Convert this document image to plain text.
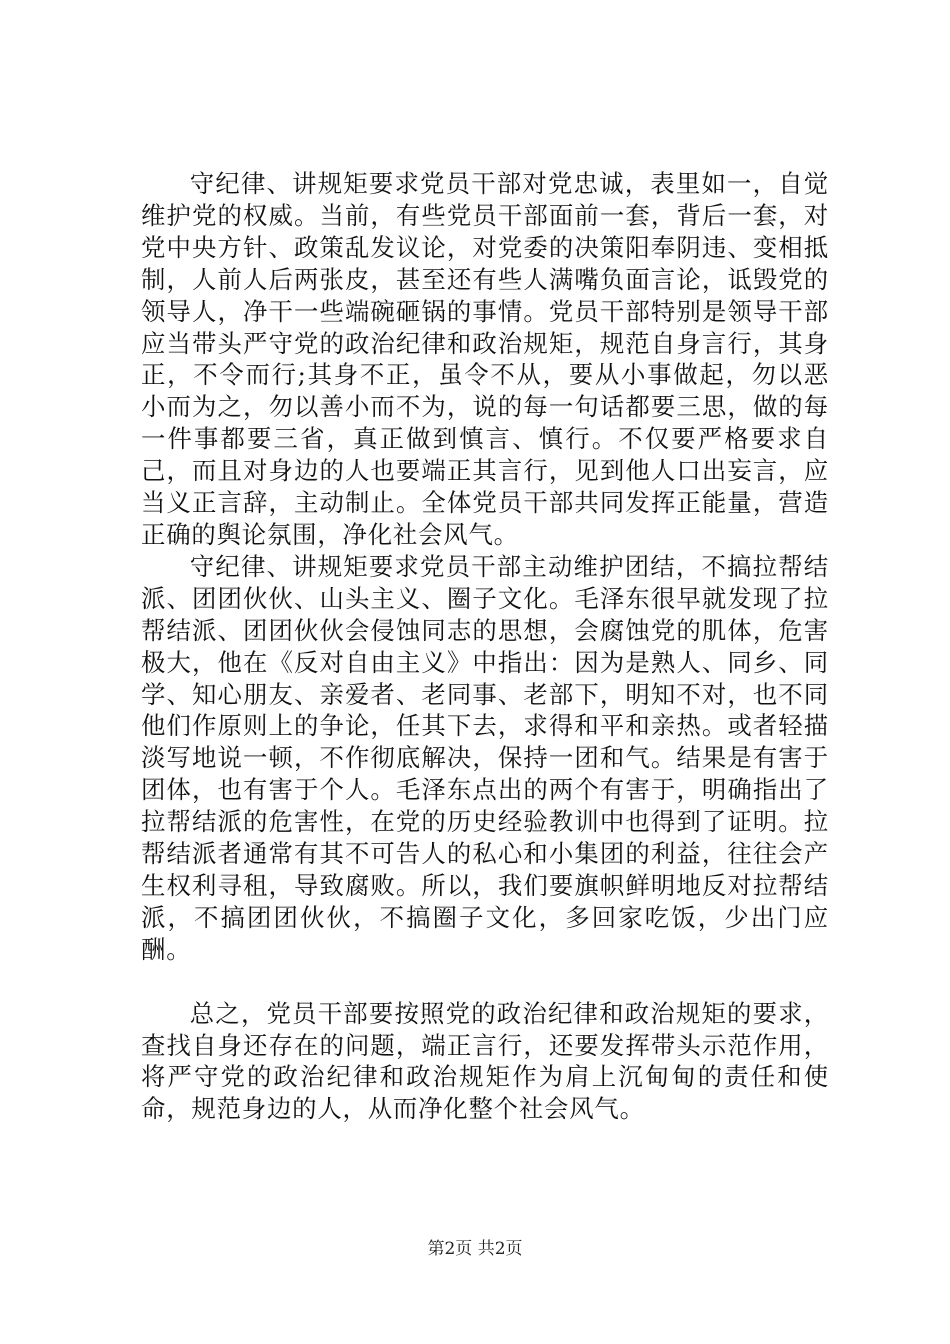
守纪律、讲规矩要求党员干部对党忠诚，表里如一，自觉维护党的权威。当前，有些党员干部面前一套，背后一套，对党中央方针、政策乱发议论，对党委的决策阳奉阴违、变相抵制，人前人后两张皮，甚至还有些人满嘴负面言论，诋毁党的领导人，净干一些端碗砸锅的事情。党员干部特别是领导干部应当带头严守党的政治纪律和政治规矩，规范自身言行，其身正，不令而行;其身不正，虽令不从，要从小事做起，勿以恶小而为之，勿以善小而不为，说的每一句话都要三思，做的每一件事都要三省，真正做到慎言、慎行。不仅要严格要求自己，而且对身边的人也要端正其言行，见到他人口出妄言，应当义正言辞，主动制止。全体党员干部共同发挥正能量，营造正确的舆论氛围，净化社会风气。

守纪律、讲规矩要求党员干部主动维护团结，不搞拉帮结派、团团伙伙、山头主义、圈子文化。毛泽东很早就发现了拉帮结派、团团伙伙会侵蚀同志的思想，会腐蚀党的肌体，危害极大，他在《反对自由主义》中指出：因为是熟人、同乡、同学、知心朋友、亲爱者、老同事、老部下，明知不对，也不同他们作原则上的争论，任其下去，求得和平和亲热。或者轻描淡写地说一顿，不作彻底解决，保持一团和气。结果是有害于团体，也有害于个人。毛泽东点出的两个有害于，明确指出了拉帮结派的危害性，在党的历史经验教训中也得到了证明。拉帮结派者通常有其不可告人的私心和小集团的利益，往往会产生权利寻租，导致腐败。所以，我们要旗帜鲜明地反对拉帮结派，不搞团团伙伙，不搞圈子文化，多回家吃饭，少出门应酬。

总之，党员干部要按照党的政治纪律和政治规矩的要求，查找自身还存在的问题，端正言行，还要发挥带头示范作用，将严守党的政治纪律和政治规矩作为肩上沉甸甸的责任和使命，规范身边的人，从而净化整个社会风气。

第2页 共2页
